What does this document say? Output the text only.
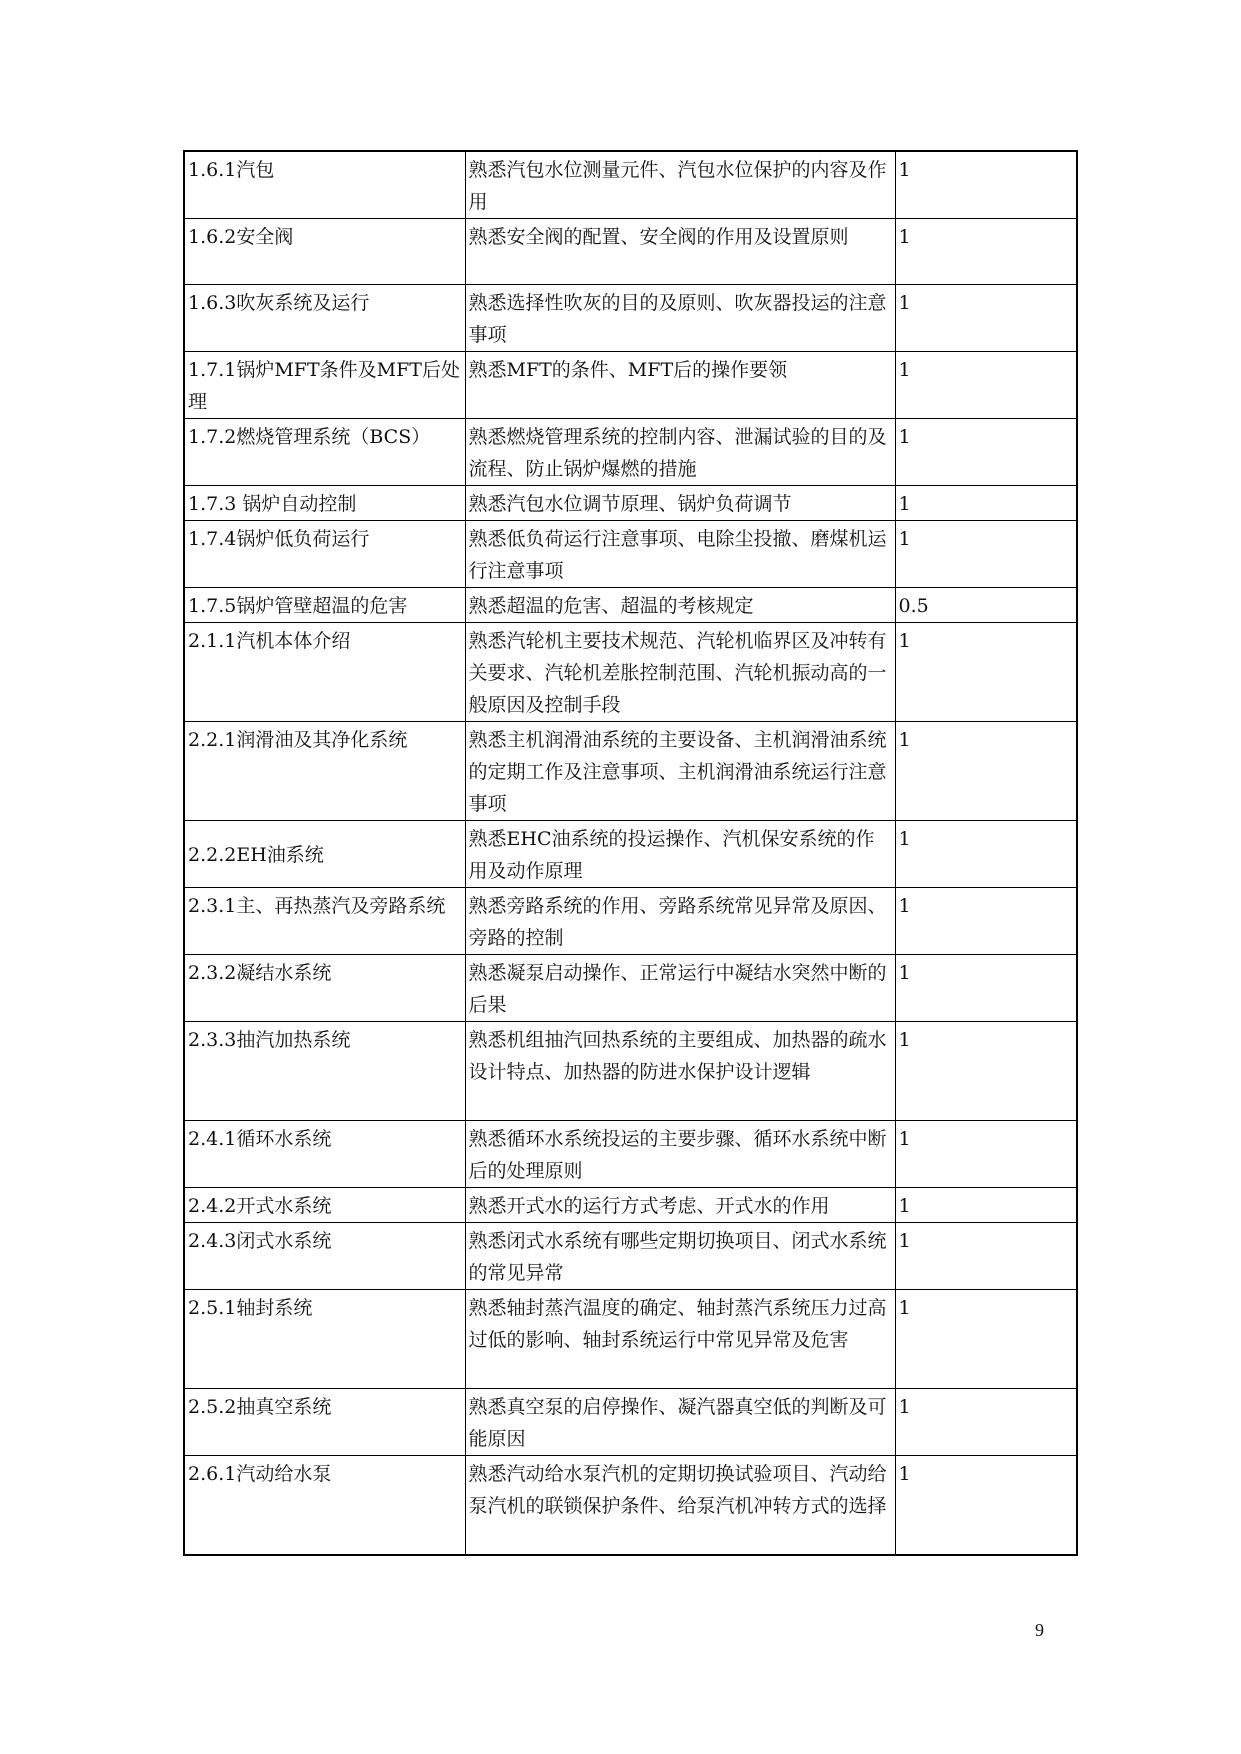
1.6.1汽包	熟悉汽包水位测量元件、汽包水位保护的内容及作用	1
1.6.2安全阀	熟悉安全阀的配置、安全阀的作用及设置原则	1
1.6.3吹灰系统及运行	熟悉选择性吹灰的目的及原则、吹灰器投运的注意事项	1
1.7.1锅炉MFT条件及MFT后处理	熟悉MFT的条件、MFT后的操作要领	1
1.7.2燃烧管理系统（BCS）	熟悉燃烧管理系统的控制内容、泄漏试验的目的及流程、防止锅炉爆燃的措施	1
1.7.3 锅炉自动控制	熟悉汽包水位调节原理、锅炉负荷调节	1
1.7.4锅炉低负荷运行	熟悉低负荷运行注意事项、电除尘投撤、磨煤机运行注意事项	1
1.7.5锅炉管壁超温的危害	熟悉超温的危害、超温的考核规定	0.5
2.1.1汽机本体介绍	熟悉汽轮机主要技术规范、汽轮机临界区及冲转有关要求、汽轮机差胀控制范围、汽轮机振动高的一般原因及控制手段	1
2.2.1润滑油及其净化系统	熟悉主机润滑油系统的主要设备、主机润滑油系统的定期工作及注意事项、主机润滑油系统运行注意事项	1
2.2.2EH油系统	熟悉EHC油系统的投运操作、汽机保安系统的作用及动作原理	1
2.3.1主、再热蒸汽及旁路系统	熟悉旁路系统的作用、旁路系统常见异常及原因、旁路的控制	1
2.3.2凝结水系统	熟悉凝泵启动操作、正常运行中凝结水突然中断的后果	1
2.3.3抽汽加热系统	熟悉机组抽汽回热系统的主要组成、加热器的疏水设计特点、加热器的防进水保护设计逻辑	1
2.4.1循环水系统	熟悉循环水系统投运的主要步骤、循环水系统中断后的处理原则	1
2.4.2开式水系统	熟悉开式水的运行方式考虑、开式水的作用	1
2.4.3闭式水系统	熟悉闭式水系统有哪些定期切换项目、闭式水系统的常见异常	1
2.5.1轴封系统	熟悉轴封蒸汽温度的确定、轴封蒸汽系统压力过高过低的影响、轴封系统运行中常见异常及危害	1
2.5.2抽真空系统	熟悉真空泵的启停操作、凝汽器真空低的判断及可能原因	1
2.6.1汽动给水泵	熟悉汽动给水泵汽机的定期切换试验项目、汽动给泵汽机的联锁保护条件、给泵汽机冲转方式的选择	1
9
